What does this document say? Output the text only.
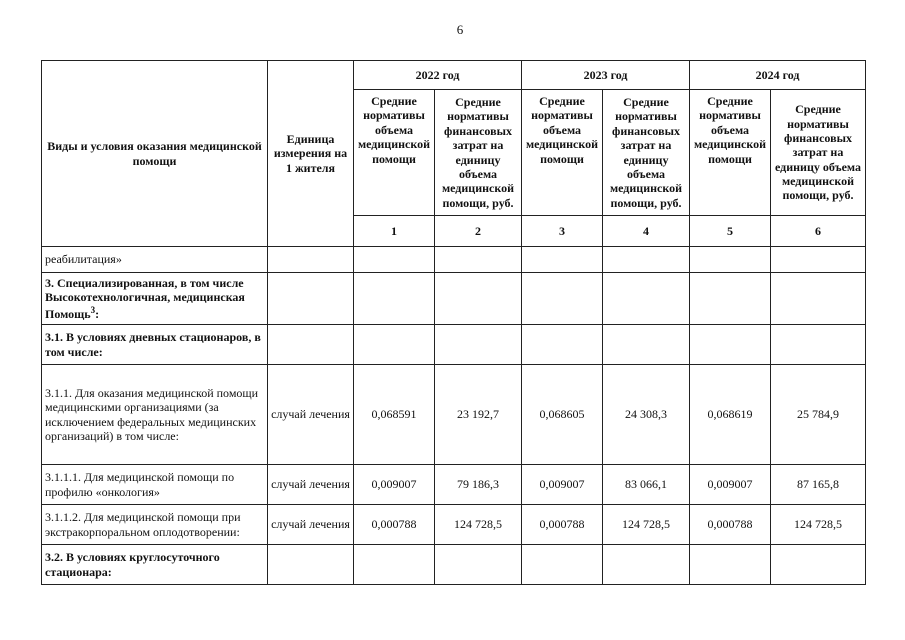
6
Виды и условия оказания медицинской помощи	Единица измерения на 1 жителя	2022 год		2023 год		2024 год		
		Средние нормативы объема медицинской помощи	Средние нормативы финансовых затрат на единицу объема медицинской помощи, руб.	Средние нормативы объема медицинской помощи	Средние нормативы финансовых затрат на единицу объема медицинской помощи, руб.	Средние нормативы объема медицинской помощи	Средние нормативы финансовых затрат на единицу объема медицинской помощи, руб.	
		1	2	3	4	5	6		
реабилитация»								
3. Специализированная, в том числе Высокотехнологичная, медицинская Помощь$^3$:								
3.1. В условиях дневных стационаров, в том числе:								
3.1.1. Для оказания медицинской помощи медицинскими организациями (за исключением федеральных медицинских организаций) в том числе:	случай лечения	0,068591	23 192,7	0,068605	24 308,3	0,068619	25 784,9	
3.1.1.1. Для медицинской помощи по профилю «онкология»	случай лечения	0,009007	79 186,3	0,009007	83 066,1	0,009007	87 165,8	
3.1.1.2. Для медицинской помощи при экстракорпоральном оплодотворении:	случай лечения	0,000788	124 728,5	0,000788	124 728,5	0,000788	124 728,5	
3.2. В условиях круглосуточного стационара:								
